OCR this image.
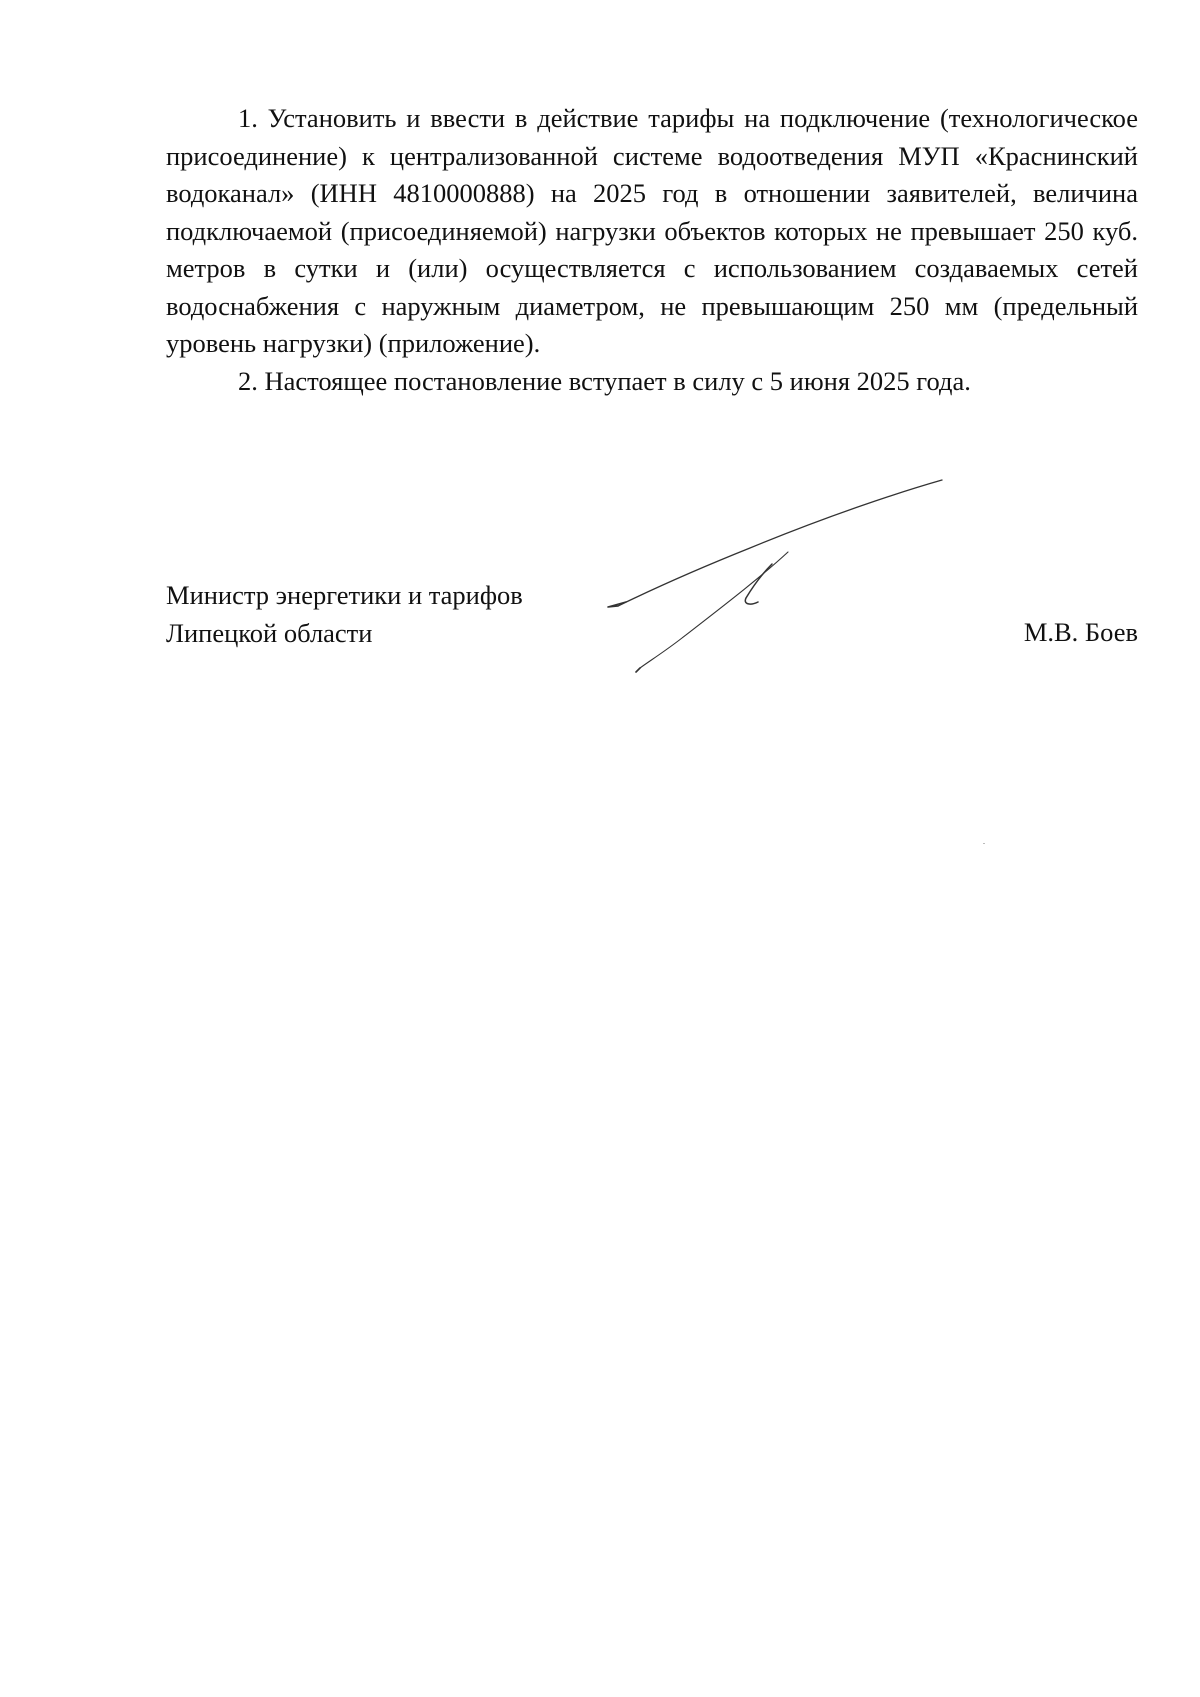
1. Установить и ввести в действие тарифы на подключение (технологическое присоединение) к централизованной системе водоотведения МУП «Краснинский водоканал» (ИНН 4810000888) на 2025 год в отношении заявителей, величина подключаемой (присоединяемой) нагрузки объектов которых не превышает 250 куб. метров в сутки и (или) осуществляется с использованием создаваемых сетей водоснабжения с наружным диаметром, не превышающим 250 мм (предельный уровень нагрузки) (приложение).

2. Настоящее постановление вступает в силу с 5 июня 2025 года.

Министр энергетики и тарифов
Липецкой области	М.В. Боев
